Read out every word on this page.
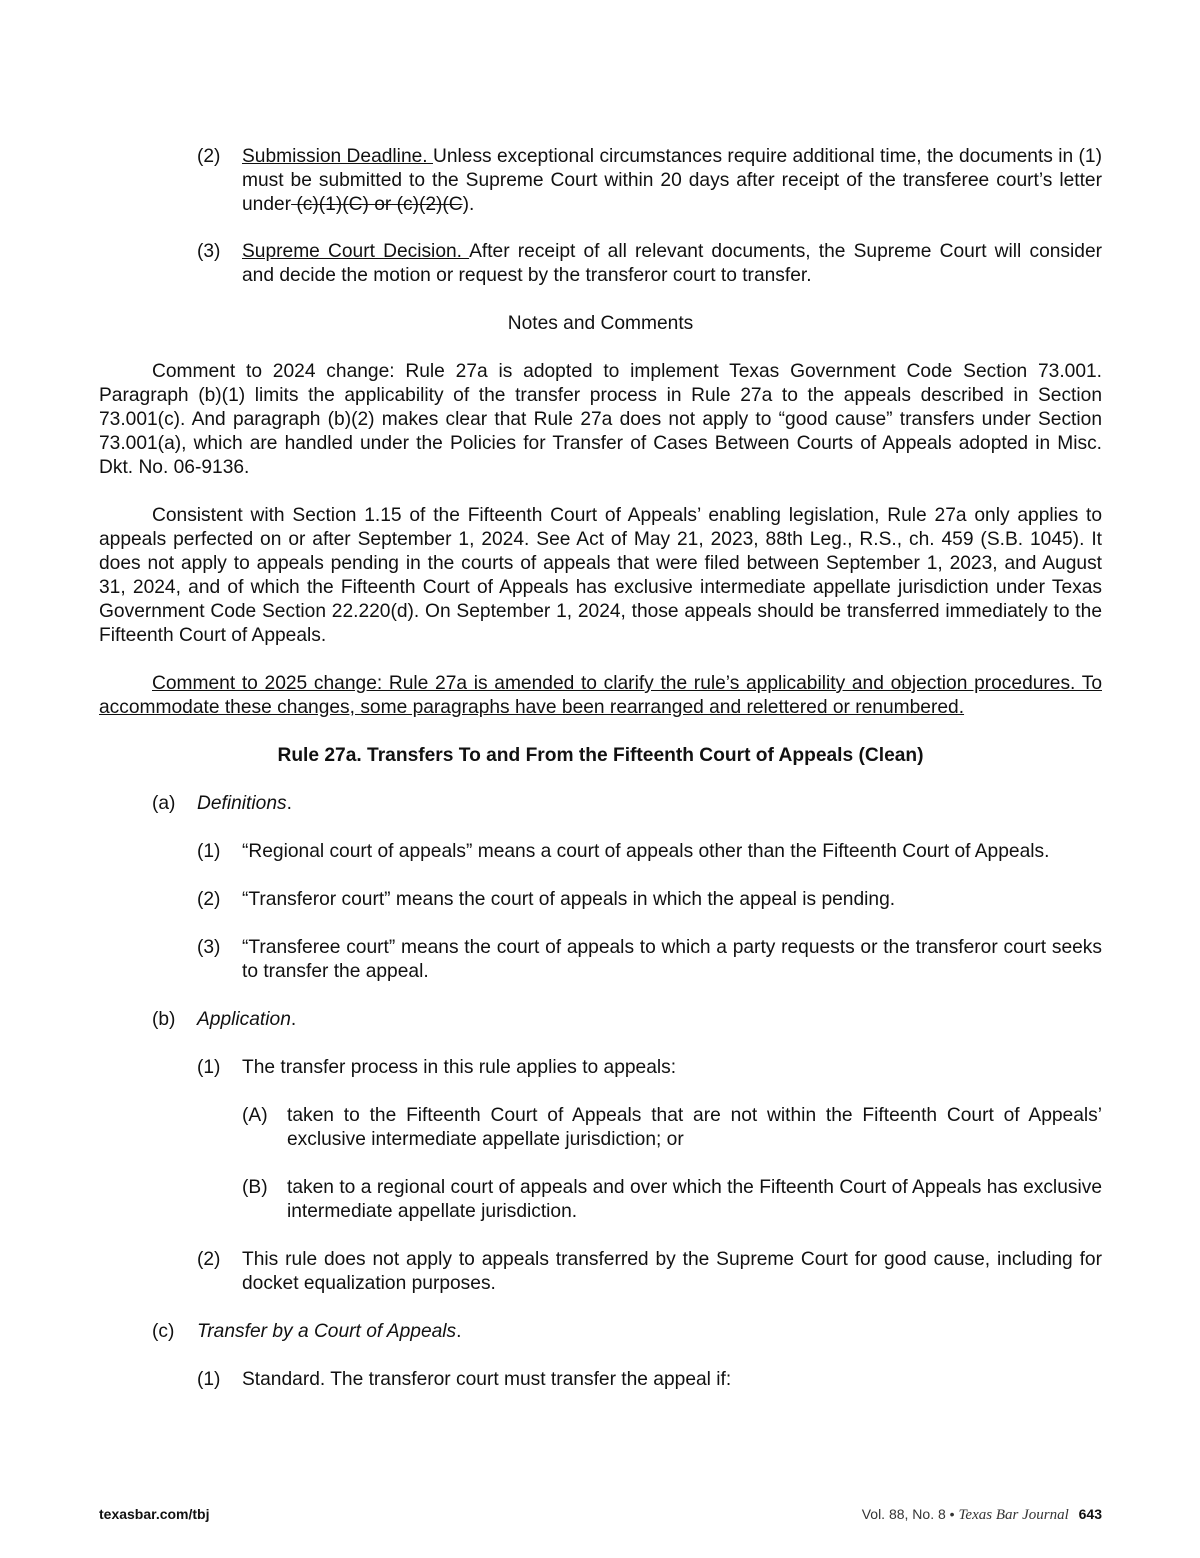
(2) Submission Deadline. Unless exceptional circumstances require additional time, the documents in (1) must be submitted to the Supreme Court within 20 days after receipt of the transferee court’s letter under (c)(1)(C) or (c)(2)(C).
(3) Supreme Court Decision. After receipt of all relevant documents, the Supreme Court will consider and decide the motion or request by the transferor court to transfer.
Notes and Comments
Comment to 2024 change: Rule 27a is adopted to implement Texas Government Code Section 73.001. Paragraph (b)(1) limits the applicability of the transfer process in Rule 27a to the appeals described in Section 73.001(c). And paragraph (b)(2) makes clear that Rule 27a does not apply to “good cause” transfers under Section 73.001(a), which are handled under the Policies for Transfer of Cases Between Courts of Appeals adopted in Misc. Dkt. No. 06-9136.
Consistent with Section 1.15 of the Fifteenth Court of Appeals’ enabling legislation, Rule 27a only applies to appeals perfected on or after September 1, 2024. See Act of May 21, 2023, 88th Leg., R.S., ch. 459 (S.B. 1045). It does not apply to appeals pending in the courts of appeals that were filed between September 1, 2023, and August 31, 2024, and of which the Fifteenth Court of Appeals has exclusive intermediate appellate jurisdiction under Texas Government Code Section 22.220(d). On September 1, 2024, those appeals should be transferred immediately to the Fifteenth Court of Appeals.
Comment to 2025 change: Rule 27a is amended to clarify the rule’s applicability and objection procedures. To accommodate these changes, some paragraphs have been rearranged and relettered or renumbered.
Rule 27a. Transfers To and From the Fifteenth Court of Appeals (Clean)
(a) Definitions.
(1) “Regional court of appeals” means a court of appeals other than the Fifteenth Court of Appeals.
(2) “Transferor court” means the court of appeals in which the appeal is pending.
(3) “Transferee court” means the court of appeals to which a party requests or the transferor court seeks to transfer the appeal.
(b) Application.
(1) The transfer process in this rule applies to appeals:
(A) taken to the Fifteenth Court of Appeals that are not within the Fifteenth Court of Appeals’ exclusive intermediate appellate jurisdiction; or
(B) taken to a regional court of appeals and over which the Fifteenth Court of Appeals has exclusive intermediate appellate jurisdiction.
(2) This rule does not apply to appeals transferred by the Supreme Court for good cause, including for docket equalization purposes.
(c) Transfer by a Court of Appeals.
(1) Standard. The transferor court must transfer the appeal if:
texasbar.com/tbj	Vol. 88, No. 8 • Texas Bar Journal 643
